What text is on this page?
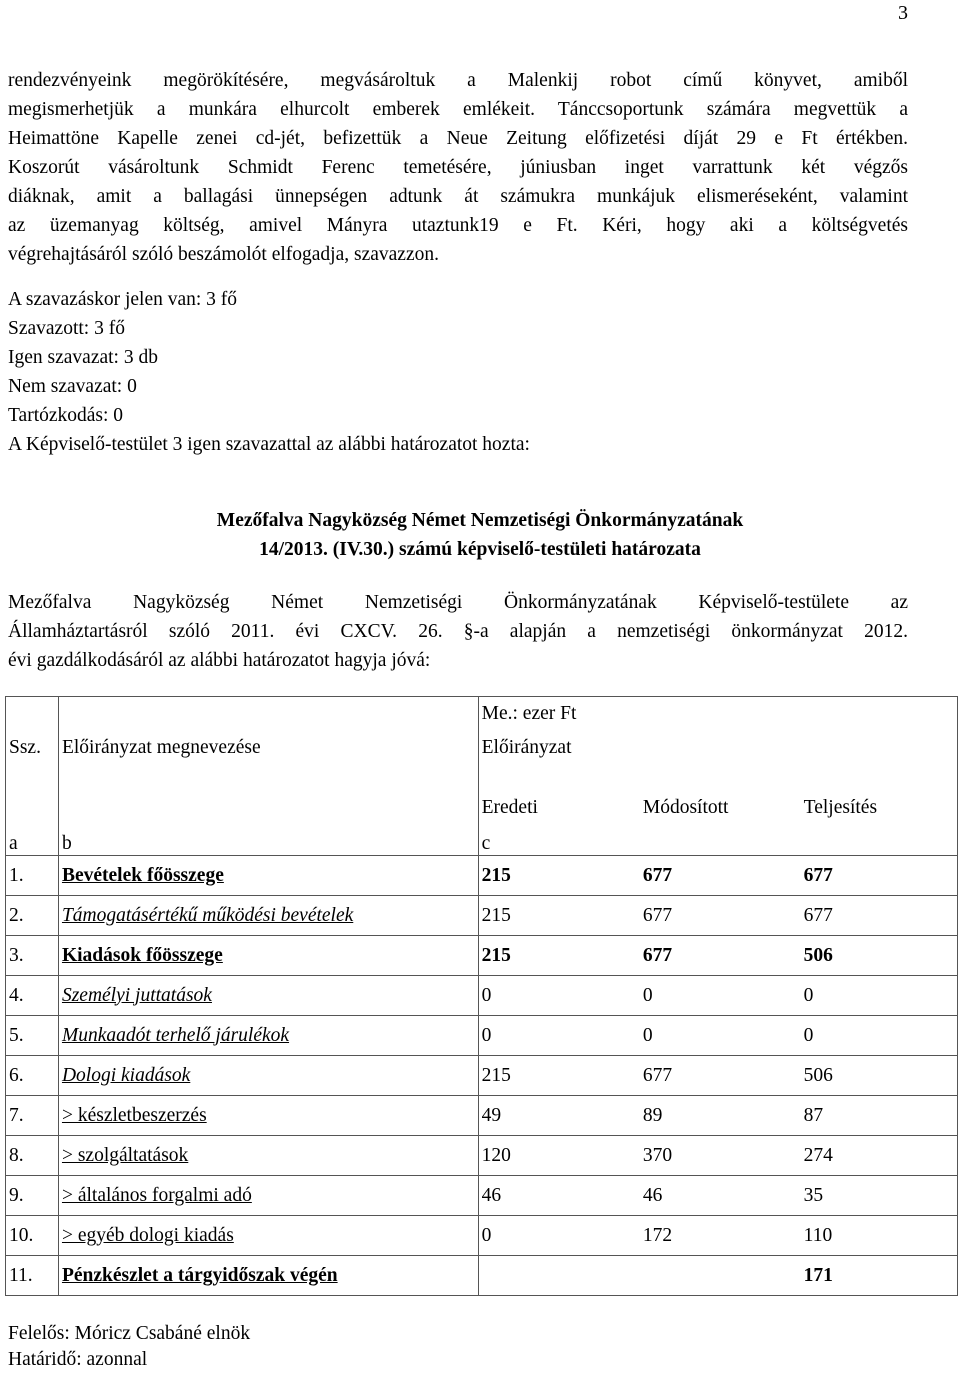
3
rendezvényeink megörökítésére, megvásároltuk a Malenkij robot című könyvet, amiből
megismerhetjük a munkára elhurcolt emberek emlékeit. Tánccsoportunk számára megvettük a
Heimattöne Kapelle zenei cd-jét, befizettük a Neue Zeitung előfizetési díját 29 e Ft értékben.
Koszorút vásároltunk Schmidt Ferenc temetésére, júniusban inget varrattunk két végzős
diáknak, amit a ballagási ünnepségen adtunk át számukra munkájuk elismeréseként, valamint
az üzemanyag költség, amivel Mányra utaztunk19 e Ft. Kéri, hogy aki a költségvetés
végrehajtásáról szóló beszámolót elfogadja, szavazzon.
A szavazáskor jelen van: 3 fő
Szavazott: 3 fő
Igen szavazat: 3 db
Nem szavazat: 0
Tartózkodás: 0
A Képviselő-testület 3 igen szavazattal az alábbi határozatot hozta:
Mezőfalva Nagyközség Német Nemzetiségi Önkormányzatának
14/2013. (IV.30.) számú képviselő-testületi határozata
Mezőfalva Nagyközség Német Nemzetiségi Önkormányzatának Képviselő-testülete az
Államháztartásról szóló 2011. évi CXCV. 26. §-a alapján a nemzetiségi önkormányzat 2012.
évi gazdálkodásáról az alábbi határozatot hagyja jóvá:
		Me.: ezer Ft		
Ssz.	Előirányzat megnevezése	Előirányzat		
		Eredeti	Módosított	Teljesítés
a	b	c		
1.	Bevételek főösszege	215	677	677
2.	Támogatásértékű működési bevételek	215	677	677
3.	Kiadások főösszege	215	677	506
4.	Személyi juttatások	0	0	0
5.	Munkaadót terhelő járulékok	0	0	0
6.	Dologi kiadások	215	677	506
7.	> készletbeszerzés	49	89	87
8.	> szolgáltatások	120	370	274
9.	> általános forgalmi adó	46	46	35
10.	> egyéb dologi kiadás	0	172	110
11.	Pénzkészlet a tárgyidőszak végén			171
Felelős: Móricz Csabáné elnök
Határidő: azonnal
